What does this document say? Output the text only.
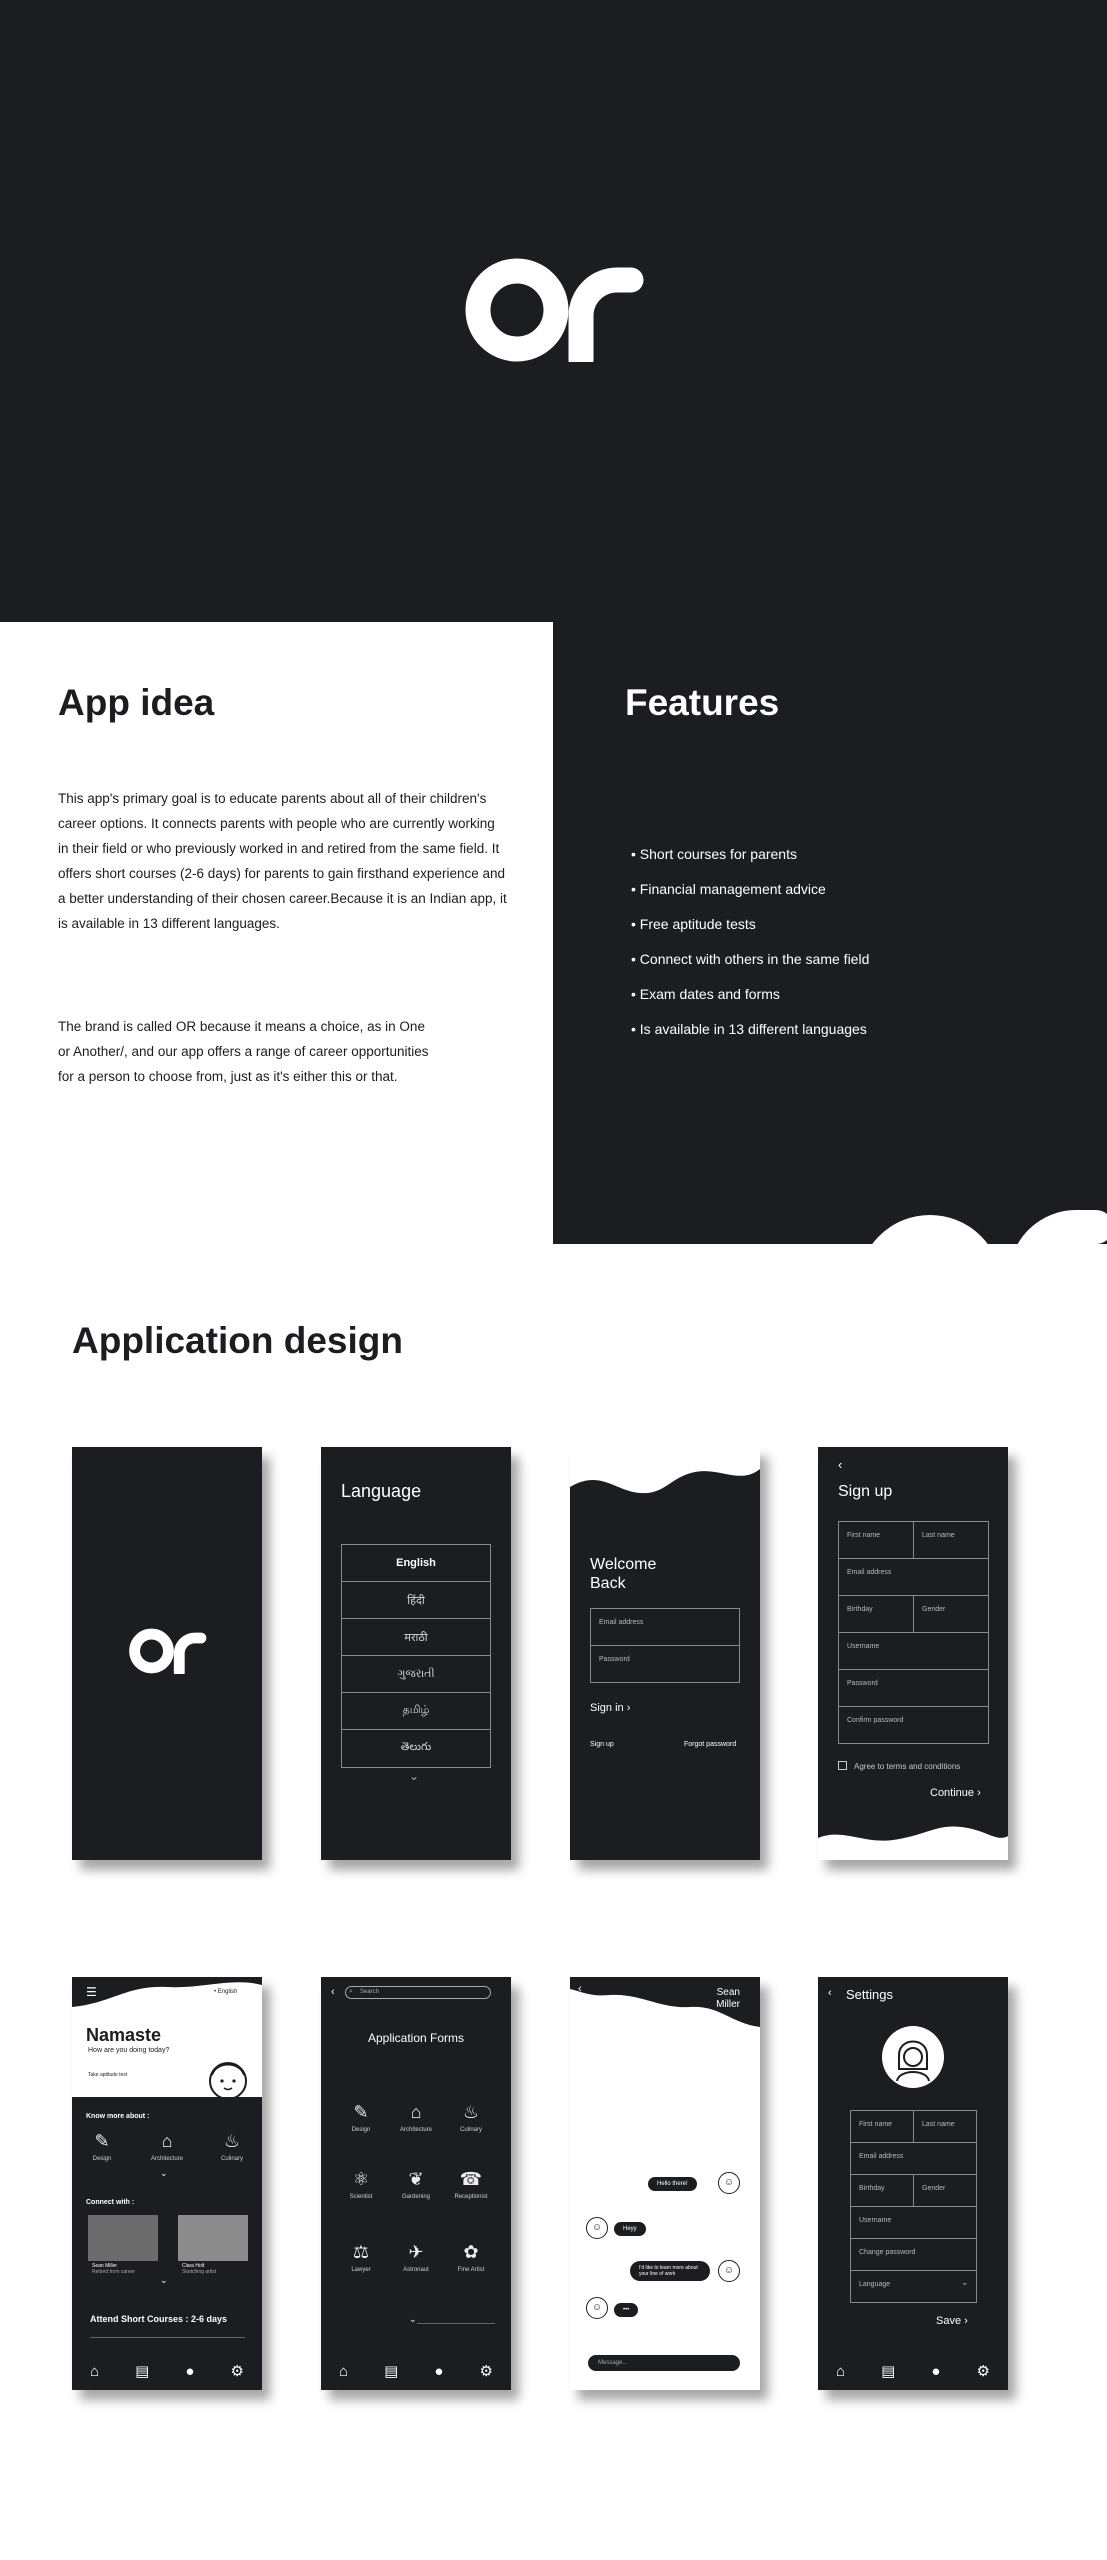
App idea

This app's primary goal is to educate parents about all of their children's career options. It connects parents with people who are currently working in their field or who previously worked in and retired from the same field. It offers short courses (2-6 days) for parents to gain firsthand experience and a better understanding of their chosen career.Because it is an Indian app, it is available in 13 different languages.

The brand is called OR because it means a choice, as in One or Another/, and our app offers a range of career opportunities for a person to choose from, just as it's either this or that.

Features
• Short courses for parents
• Financial management advice
• Free aptitude tests
• Connect with others in the same field
• Exam dates and forms
• Is available in 13 different languages
Application design
Language
English
हिंदी
मराठी
ગુજરાતી
தமிழ்
తెలుగు
⌄
Welcome
Back
Email address
Password
Sign in ›
Sign up	Forgot password
‹
Sign up
First name	Last name
Email address
Birthday	Gender
Username
Password
Confirm password
Agree to terms and conditions
Continue ›
☰	• English
Namaste
How are you doing today?
Take aptitude test
Know more about :
✎
Design
⌂
Architecture
♨
Culinary
⌄
Connect with :
Sean Miller
Retired from career
Clara Holt
Sketching artist
⌄
Attend Short Courses : 2-6 days
⌂ ▤ ● ⚙
‹	Search
⌕
Application Forms
✎
Design
⌂
Architecture
♨
Culinary
⚛
Scientist
❦
Gardening
☎
Receptionist
⚖
Lawyer
✈
Astronaut
✿
Fine Artist
⌄
⌂ ▤ ● ⚙
‹	Sean
Miller
Hello there!	☺
☺	Heyy
I'd like to learn more about your line of work	☺
☺	•••
Message...
‹ Settings
First name	Last name
Email address
Birthday	Gender
Username
Change password
Language	⌄
Save ›
⌂ ▤ ● ⚙
